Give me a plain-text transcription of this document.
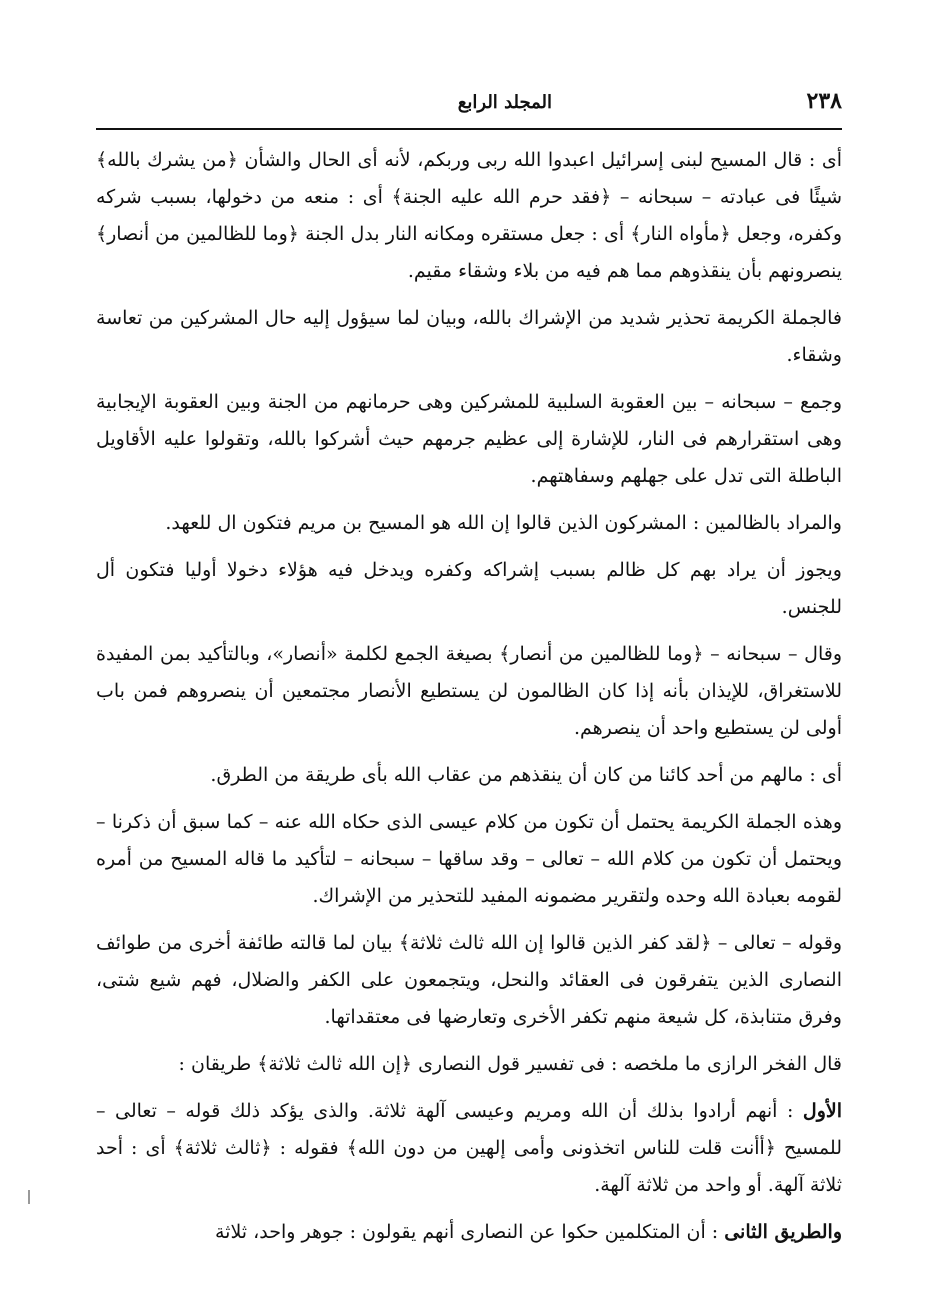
٢٣٨
المجلد الرابع

أى : قال المسيح لبنى إسرائيل اعبدوا الله ربى وربكم، لأنه أى الحال والشأن ﴿من يشرك بالله﴾ شيئًا فى عبادته – سبحانه – ﴿فقد حرم الله عليه الجنة﴾ أى : منعه من دخولها، بسبب شركه وكفره، وجعل ﴿مأواه النار﴾ أى : جعل مستقره ومكانه النار بدل الجنة ﴿وما للظالمين من أنصار﴾ ينصرونهم بأن ينقذوهم مما هم فيه من بلاء وشقاء مقيم.

فالجملة الكريمة تحذير شديد من الإشراك بالله، وبيان لما سيؤول إليه حال المشركين من تعاسة وشقاء.

وجمع – سبحانه – بين العقوبة السلبية للمشركين وهى حرمانهم من الجنة وبين العقوبة الإيجابية وهى استقرارهم فى النار، للإشارة إلى عظيم جرمهم حيث أشركوا بالله، وتقولوا عليه الأقاويل الباطلة التى تدل على جهلهم وسفاهتهم.

والمراد بالظالمين : المشركون الذين قالوا إن الله هو المسيح بن مريم فتكون ال للعهد.

ويجوز أن يراد بهم كل ظالم بسبب إشراكه وكفره ويدخل فيه هؤلاء دخولا أوليا فتكون أل للجنس.

وقال – سبحانه – ﴿وما للظالمين من أنصار﴾ بصيغة الجمع لكلمة «أنصار»، وبالتأكيد بمن المفيدة للاستغراق، للإيذان بأنه إذا كان الظالمون لن يستطيع الأنصار مجتمعين أن ينصروهم فمن باب أولى لن يستطيع واحد أن ينصرهم.

أى : مالهم من أحد كائنا من كان أن ينقذهم من عقاب الله بأى طريقة من الطرق.

وهذه الجملة الكريمة يحتمل أن تكون من كلام عيسى الذى حكاه الله عنه – كما سبق أن ذكرنا – ويحتمل أن تكون من كلام الله – تعالى – وقد ساقها – سبحانه – لتأكيد ما قاله المسيح من أمره لقومه بعبادة الله وحده ولتقرير مضمونه المفيد للتحذير من الإشراك.

وقوله – تعالى – ﴿لقد كفر الذين قالوا إن الله ثالث ثلاثة﴾ بيان لما قالته طائفة أخرى من طوائف النصارى الذين يتفرقون فى العقائد والنحل، ويتجمعون على الكفر والضلال، فهم شيع شتى، وفرق متنابذة، كل شيعة منهم تكفر الأخرى وتعارضها فى معتقداتها.

قال الفخر الرازى ما ملخصه : فى تفسير قول النصارى ﴿إن الله ثالث ثلاثة﴾ طريقان :

الأول : أنهم أرادوا بذلك أن الله ومريم وعيسى آلهة ثلاثة. والذى يؤكد ذلك قوله – تعالى – للمسيح ﴿أأنت قلت للناس اتخذونى وأمى إلهين من دون الله﴾ فقوله : ﴿ثالث ثلاثة﴾ أى : أحد ثلاثة آلهة. أو واحد من ثلاثة آلهة.

والطريق الثانى : أن المتكلمين حكوا عن النصارى أنهم يقولون : جوهر واحد، ثلاثة
